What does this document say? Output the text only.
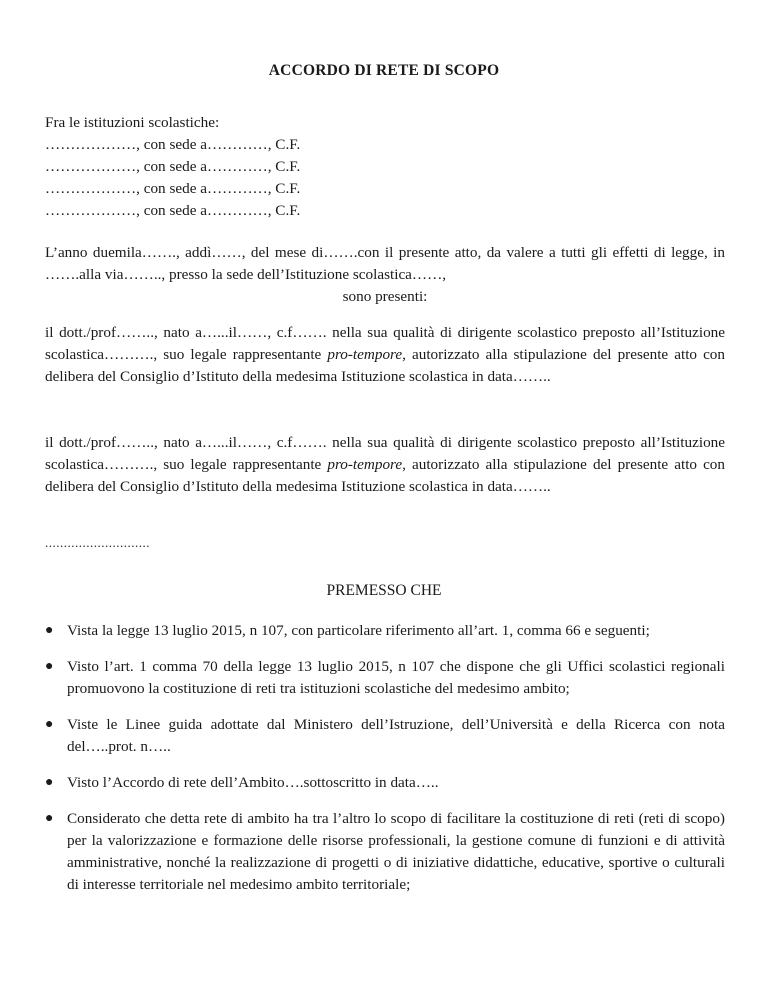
ACCORDO DI RETE DI SCOPO
Fra le istituzioni scolastiche:
………………, con sede a…………, C.F.
………………, con sede a…………, C.F.
………………, con sede a…………, C.F.
………………, con sede a…………, C.F.
L’anno duemila……., addì……, del mese di…….con il presente atto, da valere a tutti gli effetti di legge, in …….alla via…….., presso la sede dell’Istituzione scolastica……,
sono presenti:
il dott./prof…….., nato a…...il……, c.f……. nella sua qualità di dirigente scolastico preposto all’Istituzione scolastica………., suo legale rappresentante pro-tempore, autorizzato alla stipulazione del presente atto con delibera del Consiglio d’Istituto della medesima Istituzione scolastica in data……..
il dott./prof…….., nato a…...il……, c.f……. nella sua qualità di dirigente scolastico preposto all’Istituzione scolastica………., suo legale rappresentante pro-tempore, autorizzato alla stipulazione del presente atto con delibera del Consiglio d’Istituto della medesima Istituzione scolastica in data……..
............................
PREMESSO CHE
● Vista la legge 13 luglio 2015, n 107, con particolare riferimento all’art. 1, comma 66 e seguenti;
● Visto l’art. 1 comma 70 della legge 13 luglio 2015, n 107 che dispone che gli Uffici scolastici regionali promuovono la costituzione di reti tra istituzioni scolastiche del medesimo ambito;
● Viste le Linee guida adottate dal Ministero dell’Istruzione, dell’Università e della Ricerca con nota del…..prot. n…..
● Visto l’Accordo di rete dell’Ambito….sottoscritto in data…..
● Considerato che detta rete di ambito ha tra l’altro lo scopo di facilitare la costituzione di reti (reti di scopo) per la valorizzazione e formazione delle risorse professionali, la gestione comune di funzioni e di attività amministrative, nonché la realizzazione di progetti o di iniziative didattiche, educative, sportive o culturali di interesse territoriale nel medesimo ambito territoriale;
